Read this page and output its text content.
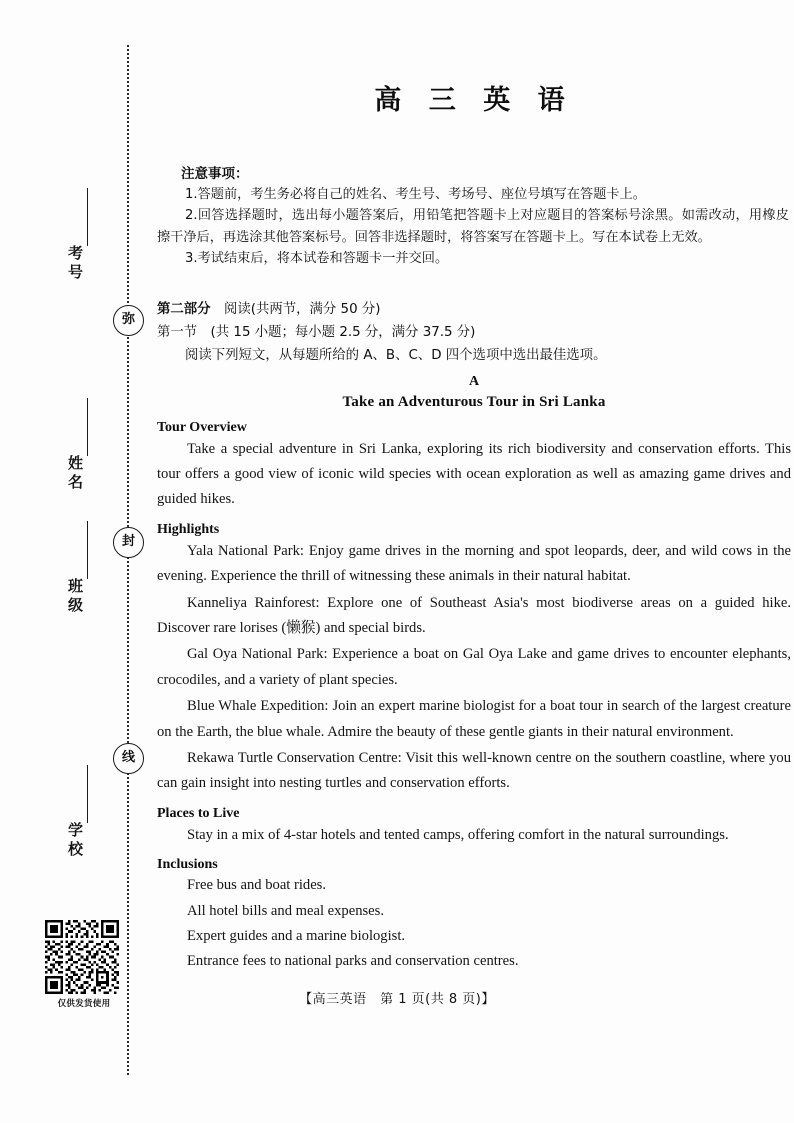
弥
封
线
考号
姓名
班级
学校
仅供发货使用
高 三 英 语
注意事项：
1.答题前，考生务必将自己的姓名、考生号、考场号、座位号填写在答题卡上。
2.回答选择题时，选出每小题答案后，用铅笔把答题卡上对应题目的答案标号涂黑。如需改动，用橡皮擦干净后，再选涂其他答案标号。回答非选择题时，将答案写在答题卡上。写在本试卷上无效。
3.考试结束后，将本试卷和答题卡一并交回。
第二部分　阅读(共两节，满分 50 分)
第一节　(共 15 小题；每小题 2.5 分，满分 37.5 分)
阅读下列短文，从每题所给的 A、B、C、D 四个选项中选出最佳选项。
A
Take an Adventurous Tour in Sri Lanka
Tour Overview
Take a special adventure in Sri Lanka, exploring its rich biodiversity and conservation efforts. This tour offers a good view of iconic wild species with ocean exploration as well as amazing game drives and guided hikes.
Highlights
Yala National Park: Enjoy game drives in the morning and spot leopards, deer, and wild cows in the evening. Experience the thrill of witnessing these animals in their natural habitat.
Kanneliya Rainforest: Explore one of Southeast Asia's most biodiverse areas on a guided hike. Discover rare lorises (懒猴) and special birds.
Gal Oya National Park: Experience a boat on Gal Oya Lake and game drives to encounter elephants, crocodiles, and a variety of plant species.
Blue Whale Expedition: Join an expert marine biologist for a boat tour in search of the largest creature on the Earth, the blue whale. Admire the beauty of these gentle giants in their natural environment.
Rekawa Turtle Conservation Centre: Visit this well-known centre on the southern coastline, where you can gain insight into nesting turtles and conservation efforts.
Places to Live
Stay in a mix of 4-star hotels and tented camps, offering comfort in the natural surroundings.
Inclusions
Free bus and boat rides.
All hotel bills and meal expenses.
Expert guides and a marine biologist.
Entrance fees to national parks and conservation centres.
【高三英语　第 1 页(共 8 页)】
